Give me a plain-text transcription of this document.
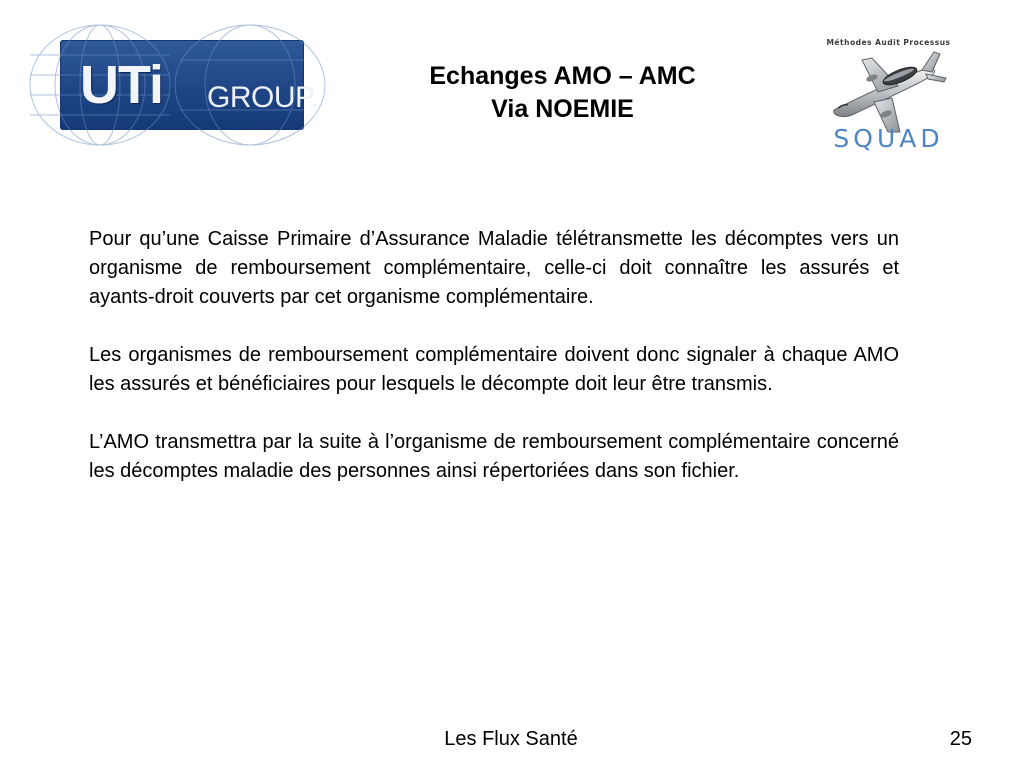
UTi GROUP.
Echanges AMO – AMC
Via NOEMIE
Méthodes Audit Processus
SQUAD

Pour qu’une Caisse Primaire d’Assurance Maladie télétransmette les décomptes vers un organisme de remboursement complémentaire, celle-ci doit connaître les assurés et ayants-droit couverts par cet organisme complémentaire.

Les organismes de remboursement complémentaire doivent donc signaler à chaque AMO les assurés et bénéficiaires pour lesquels le décompte doit leur être transmis.

L’AMO transmettra par la suite à l’organisme de remboursement complémentaire concerné les décomptes maladie des personnes ainsi répertoriées dans son fichier.

Les Flux Santé	25
